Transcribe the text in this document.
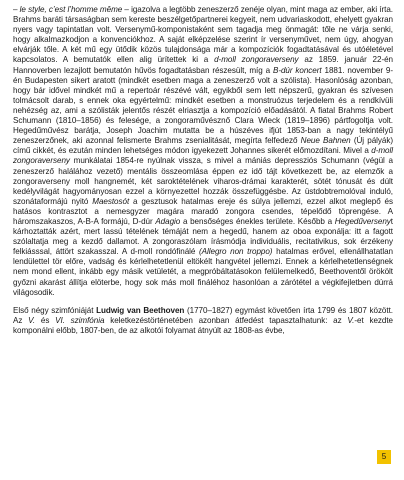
– le style, c’est l’homme même – igazolva a legtöbb zeneszerző zenéje olyan, mint maga az ember, aki írta. Brahms baráti társaságban sem kereste beszélgetőpartnerei kegyeit, nem udvariaskodott, ehelyett gyakran nyers vagy tapintatlan volt. Versenymű-komponistaként sem tagadja meg önmagát: tőle ne várja senki, hogy alkalmazkodjon a konvenciókhoz. A saját elképzelése szerint ír versenyművet, nem úgy, ahogyan elvárják tőle. A két mű egy ütődik közös tulajdonsága már a kompozíciók fogadtatásával és utóéletével kapcsolatos. A bemutatók ellen alig ürítettek ki a d-moll zongoraverseny az 1859. január 22-én Hannoverben lezajlott bemutatón hűvös fogadtatásban részesült, míg a B-dúr koncert 1881. november 9-én Budapesten sikert aratott (mindkét esetben maga a zeneszerző volt a szólista). Hasonlóság azonban, hogy bár idővel mindkét mű a repertoár részévé vált, egyikből sem lett népszerű, gyakran és szívesen tolmácsolt darab, s ennek oka egyértelmű: mindkét esetben a monstruózus terjedelem és a rendkívüli nehézség az, ami a szólisták jelentős részét elriasztja a kompozíció előadásától. A fiatal Brahms Robert Schumann (1810–1856) és felesége, a zongoraművésznő Clara Wieck (1819–1896) pártfogoltja volt. Hegedűművész barátja, Joseph Joachim mutatta be a húszéves ifjút 1853-ban a nagy tekintélyű zeneszerzőnek, aki azonnal felismerte Brahms zsenialitását, megírta felfedező Neue Bahnen (Új pályák) című cikkét, és ezután minden lehetséges módon igyekezett Johannes sikerét előmozdítani. Mivel a d-moll zongoraverseny munkálatai 1854-re nyúlnak vissza, s mivel a mániás depressziós Schumann (végül a zeneszerző halálához vezető) mentális összeomlása éppen ez idő tájt következett be, az elemzők a zongoraverseny moll hangnemét, két saroktételének viharos-drámai karakterét, sötét tónusát és dúlt kedélyvilágát hagyományosan ezzel a környezettel hozzák összefüggésbe. Az üstdobtremolóval induló, szonátaformájú nyitó Maestosót a gesztusok hatalmas ereje és súlya jellemzi, ezzel alkot meglepő és hatásos kontrasztot a nemesgyzer magára maradó zongora csendes, tépelődő töprengése. A háromszakaszos, A-B-A formájú, D-dúr Adagio a bensőséges énekles területe. Később a Hegedűversenyt kárhoztatták azért, mert lassú tételének témáját nem a hegedű, hanem az oboa exponálja: itt a fagott szólaltatja meg a kezdő dallamot. A zongoraszólam írásmódja individuális, recitativikus, sok érzékeny felkiásssal, áttört szakasszal. A d-moll rondófinálé (Allegro non troppo) hatalmas erővel, ellenállhatatlan lendülettel tör előre, vadság és kérlelhetetlenül eltökélt hangvétel jellemzi. Ennek a kérlelhetetlenségnek nem mond ellent, inkább egy másik vetületét, a megpróbáltatásokon felülemelkedő, Beethoventől örökölt győzni akarást állítja elöterbe, hogy sok más moll fináléhoz hasonlóan a zárótétel a végkifejletben dúrrá világosodik.

Első négy szimfóniáját Ludwig van Beethoven (1770–1827) egymást követően írta 1799 és 1807 között. Az V. és VI. szimfónia keletkezéstörténetében azonban átfedést tapasztalhatunk: az V.-et kezdte komponálni előbb, 1807-ben, de az alkotói folyamat átnyúlt az 1808-as évbe,

5
